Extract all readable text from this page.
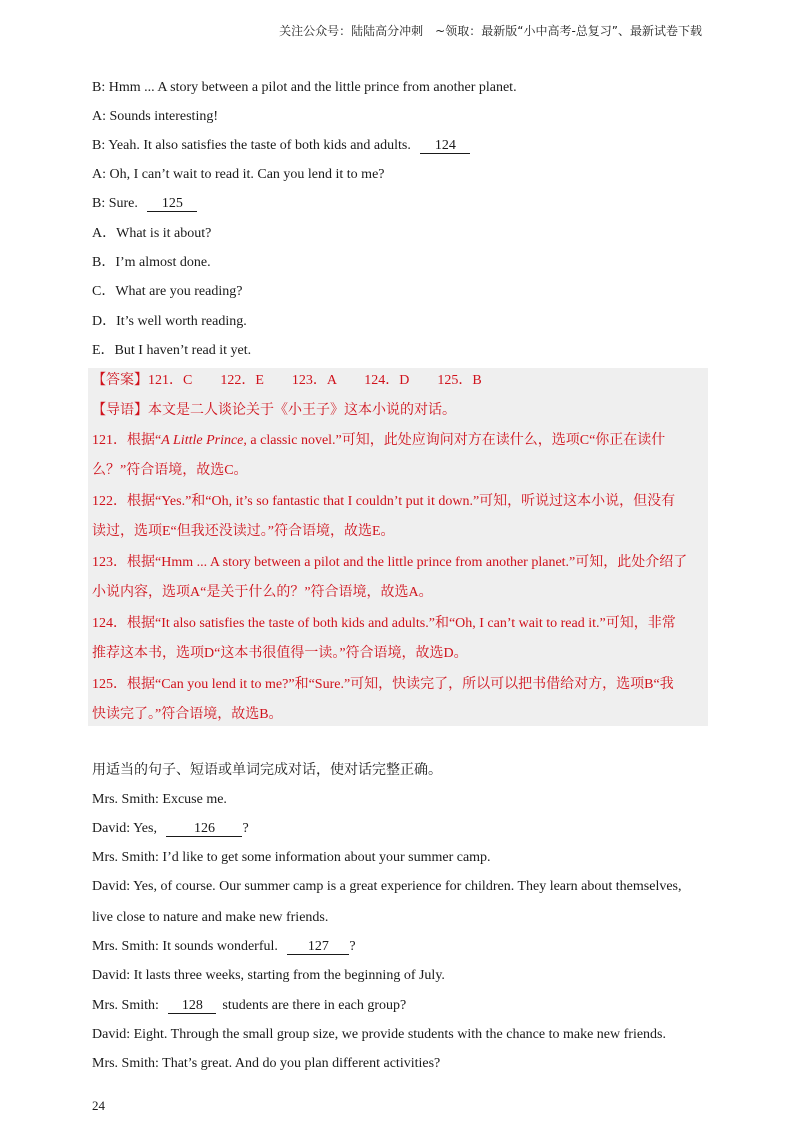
关注公众号：陆陆高分冲刺　~领取：最新版“小中高考-总复习”、最新试卷下载
B: Hmm ... A story between a pilot and the little prince from another planet.
A: Sounds interesting!
B: Yeah. It also satisfies the taste of both kids and adults. 124
A: Oh, I can’t wait to read it. Can you lend it to me?
B: Sure. 125
A．What is it about?
B．I’m almost done.
C．What are you reading?
D．It’s well worth reading.
E．But I haven’t read it yet.
【答案】121．C　　122．E　　123．A　　124．D　　125．B
【导语】本文是二人谈论关于《小王子》这本小说的对话。
121．根据“A Little Prince, a classic novel.”可知，此处应询问对方在读什么，选项C“你正在读什
么？”符合语境，故选C。
122．根据“Yes.”和“Oh, it’s so fantastic that I couldn’t put it down.”可知，听说过这本小说，但没有
读过，选项E“但我还没读过。”符合语境，故选E。
123．根据“Hmm ... A story between a pilot and the little prince from another planet.”可知，此处介绍了
小说内容，选项A“是关于什么的？”符合语境，故选A。
124．根据“It also satisfies the taste of both kids and adults.”和“Oh, I can’t wait to read it.”可知，非常
推荐这本书，选项D“这本书很值得一读。”符合语境，故选D。
125．根据“Can you lend it to me?”和“Sure.”可知，快读完了，所以可以把书借给对方，选项B“我
快读完了。”符合语境，故选B。
用适当的句子、短语或单词完成对话，使对话完整正确。
Mrs. Smith: Excuse me.
David: Yes,	126 ?
Mrs. Smith: I’d like to get some information about your summer camp.
David: Yes, of course. Our summer camp is a great experience for children. They learn about themselves,
live close to nature and make new friends.
Mrs. Smith: It sounds wonderful. 127 ?
David: It lasts three weeks, starting from the beginning of July.
Mrs. Smith: 128 students are there in each group?
David: Eight. Through the small group size, we provide students with the chance to make new friends.
Mrs. Smith: That’s great. And do you plan different activities?
24
